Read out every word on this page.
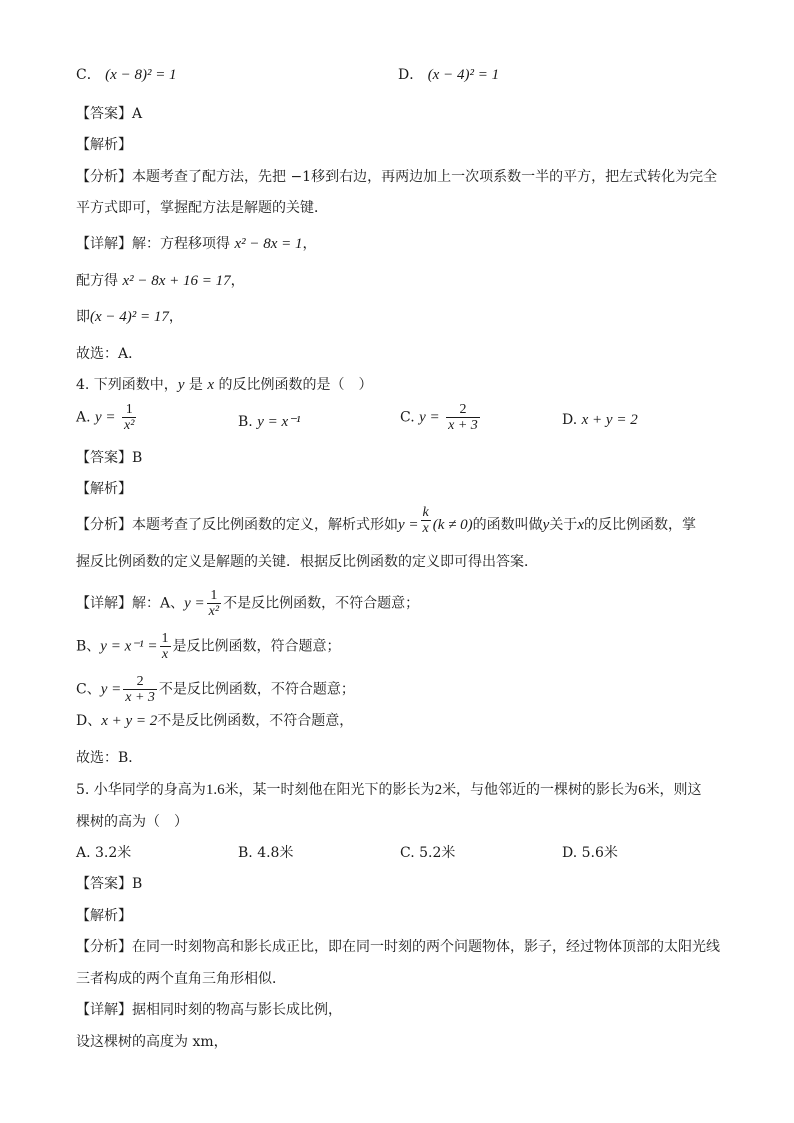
C． (x − 8)² = 1	D． (x − 4)² = 1
【答案】A
【解析】
【分析】本题考查了配方法，先把 −1移到右边，再两边加上一次项系数一半的平方，把左式转化为完全
平方式即可，掌握配方法是解题的关键．
【详解】解：方程移项得 x² − 8x = 1，
配方得 x² − 8x + 16 = 17，
即(x − 4)² = 17，
故选：A．
4. 下列函数中，y 是 x 的反比例函数的是（　）
A. $y = \frac{1}{\text{x²}}$	B. y = x⁻¹	C. $y = \frac{2}{x + 3}$	D. x + y = 2
【答案】B
【解析】
【分析】本题考查了反比例函数的定义，解析式形如$y = \frac{k}{x} (k \ne 0)$的函数叫做y关于x的反比例函数，掌
握反比例函数的定义是解题的关键．根据反比例函数的定义即可得出答案．
【详解】解：A、$y = \frac{1}{\text{x²}}$ 不是反比例函数，不符合题意；
B、$y = x^{-1} = \frac{1}{x}$ 是反比例函数，符合题意；
C、$y = \frac{2}{x + 3}$ 不是反比例函数，不符合题意；
D、x + y = 2不是反比例函数，不符合题意，
故选：B．
5. 小华同学的身高为1.6米，某一时刻他在阳光下的影长为2米，与他邻近的一棵树的影长为6米，则这
棵树的高为（　）
A. 3.2米	B. 4.8米	C. 5.2米	D. 5.6米
【答案】B
【解析】
【分析】在同一时刻物高和影长成正比，即在同一时刻的两个问题物体，影子，经过物体顶部的太阳光线
三者构成的两个直角三角形相似．
【详解】据相同时刻的物高与影长成比例，
设这棵树的高度为 xm，
